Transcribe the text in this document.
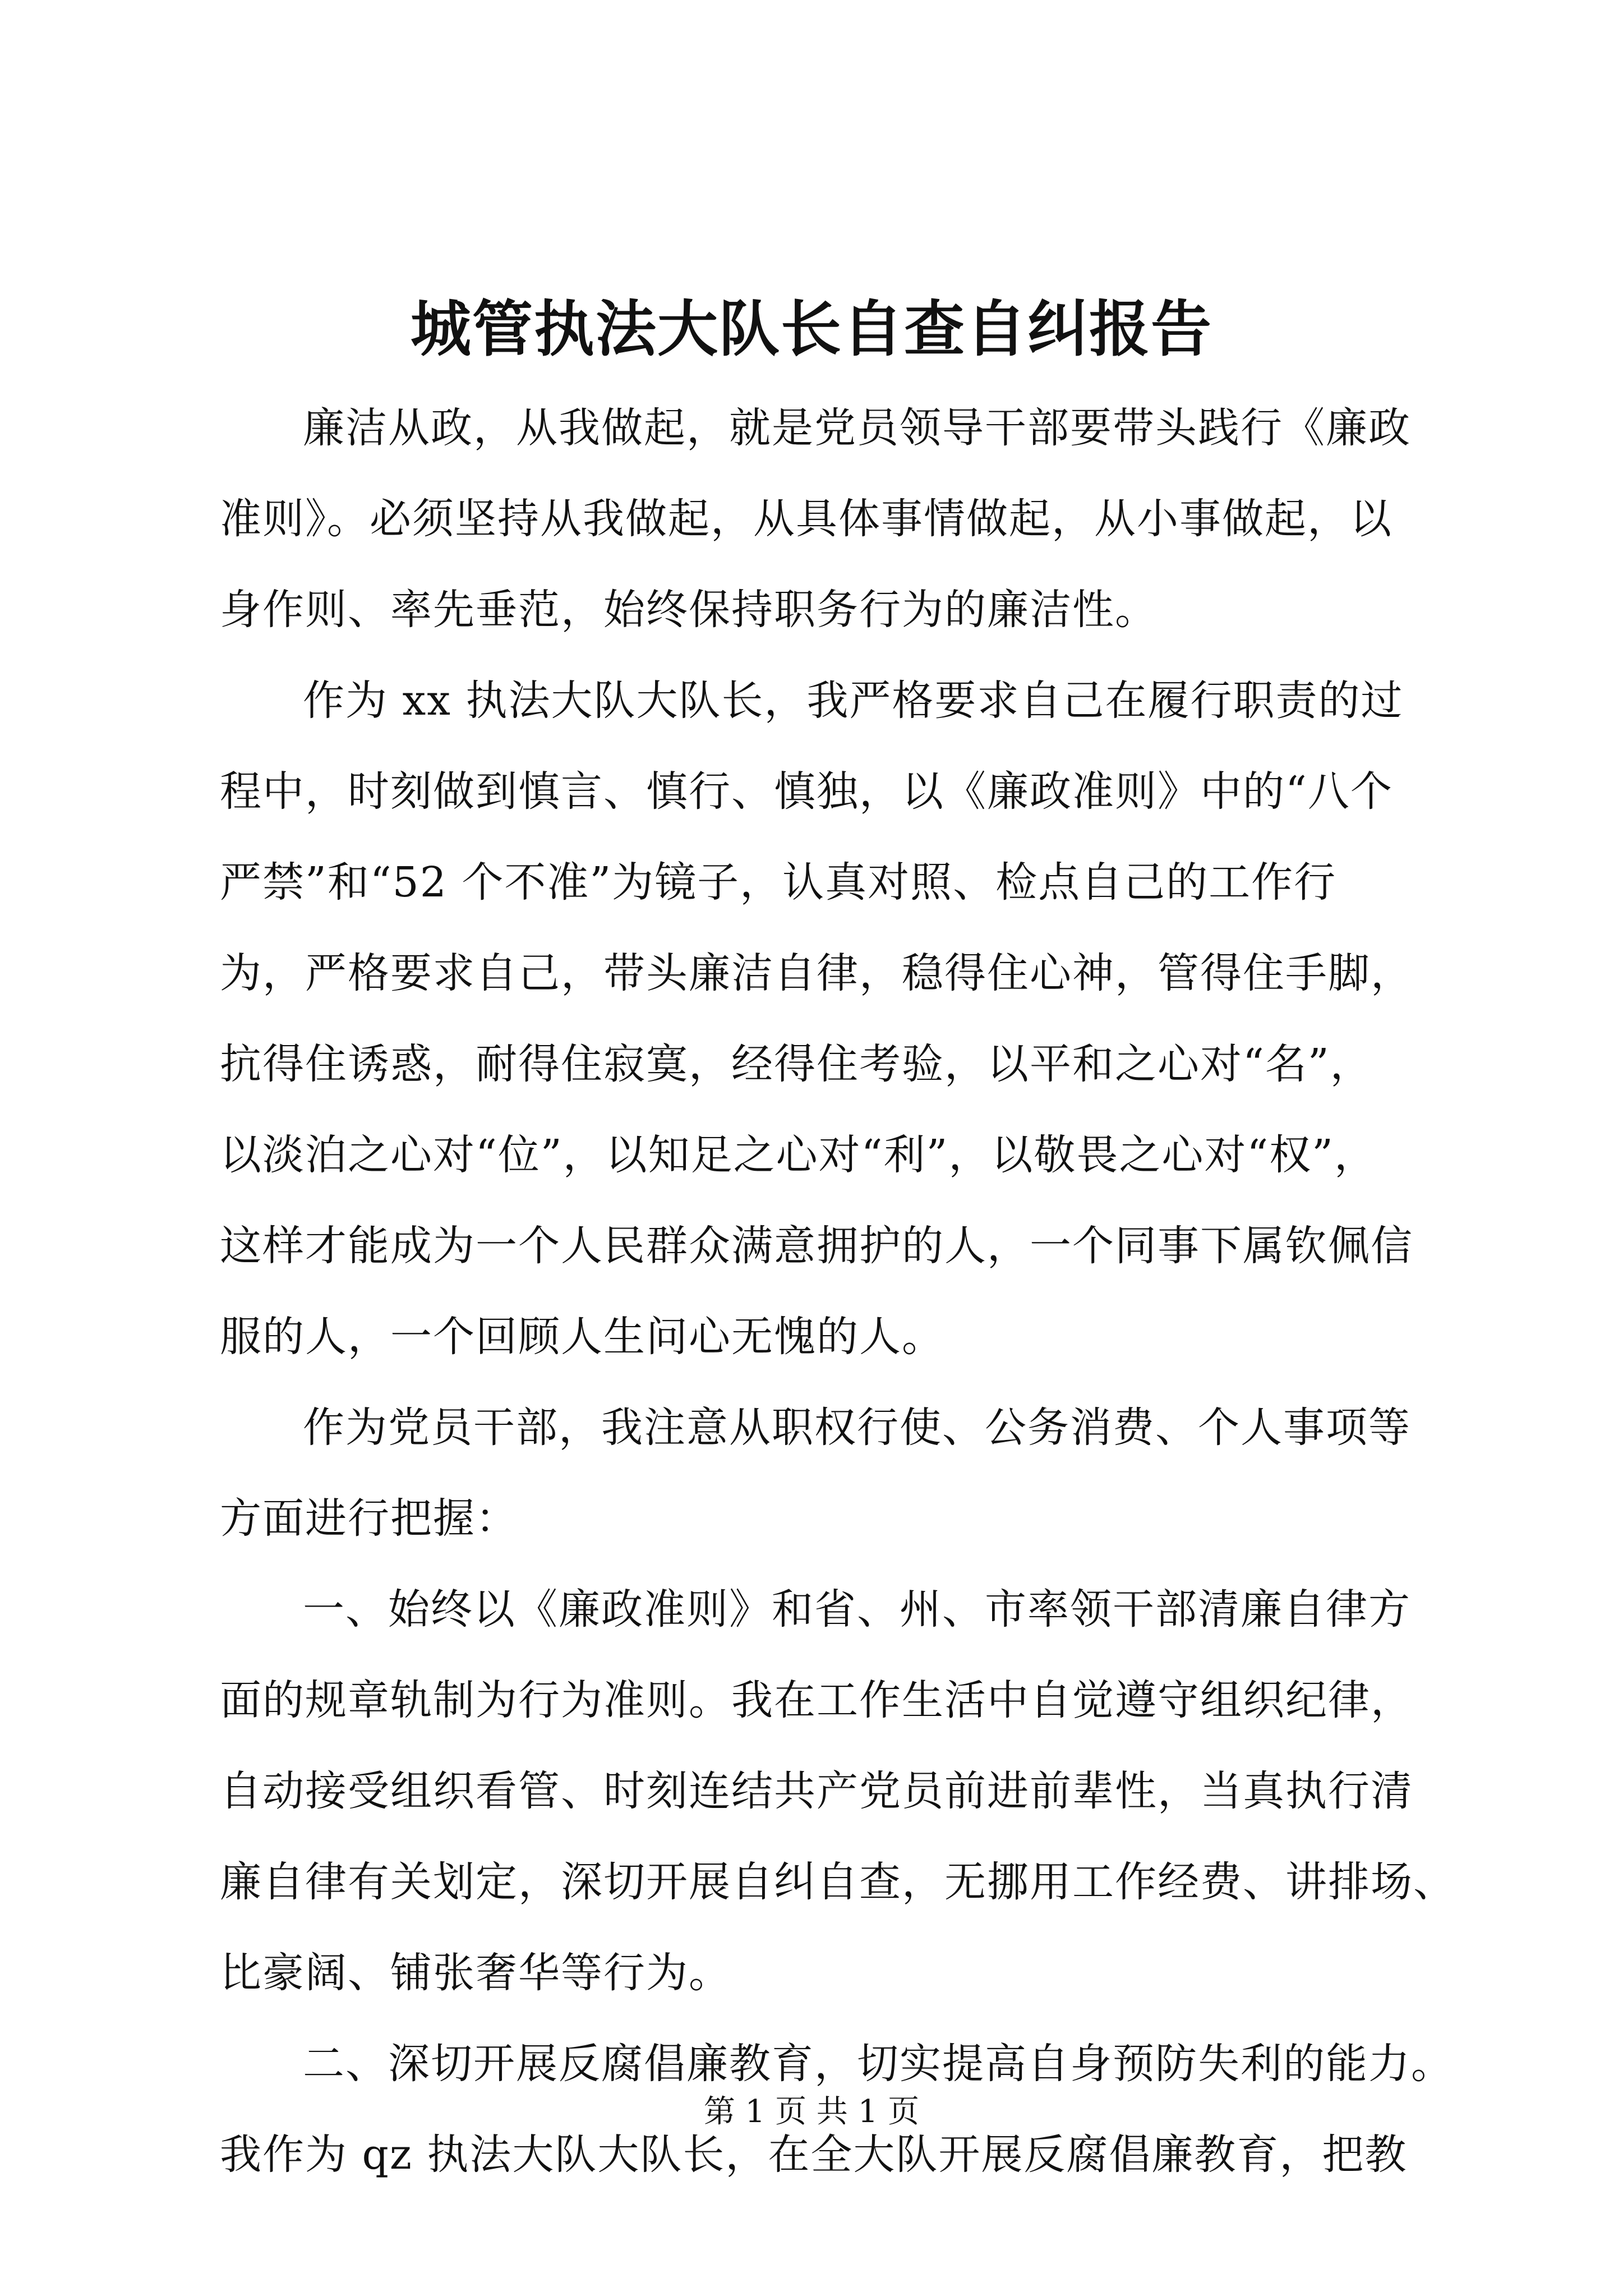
城管执法大队长自查自纠报告
廉洁从政，从我做起，就是党员领导干部要带头践行《廉政
准则》。必须坚持从我做起，从具体事情做起，从小事做起，以
身作则、率先垂范，始终保持职务行为的廉洁性。
作为 xx 执法大队大队长，我严格要求自己在履行职责的过
程中，时刻做到慎言、慎行、慎独，以《廉政准则》中的“八个
严禁”和“52 个不准”为镜子，认真对照、检点自己的工作行
为，严格要求自己，带头廉洁自律，稳得住心神，管得住手脚，
抗得住诱惑，耐得住寂寞，经得住考验，以平和之心对“名”，
以淡泊之心对“位”，以知足之心对“利”，以敬畏之心对“权”，
这样才能成为一个人民群众满意拥护的人，一个同事下属钦佩信
服的人，一个回顾人生问心无愧的人。
作为党员干部，我注意从职权行使、公务消费、个人事项等
方面进行把握：
一、始终以《廉政准则》和省、州、市率领干部清廉自律方
面的规章轨制为行为准则。我在工作生活中自觉遵守组织纪律，
自动接受组织看管、时刻连结共产党员前进前辈性，当真执行清
廉自律有关划定，深切开展自纠自查，无挪用工作经费、讲排场、
比豪阔、铺张奢华等行为。
二、深切开展反腐倡廉教育，切实提高自身预防失利的能力。
我作为 qz 执法大队大队长，在全大队开展反腐倡廉教育，把教
第 1 页 共 1 页
